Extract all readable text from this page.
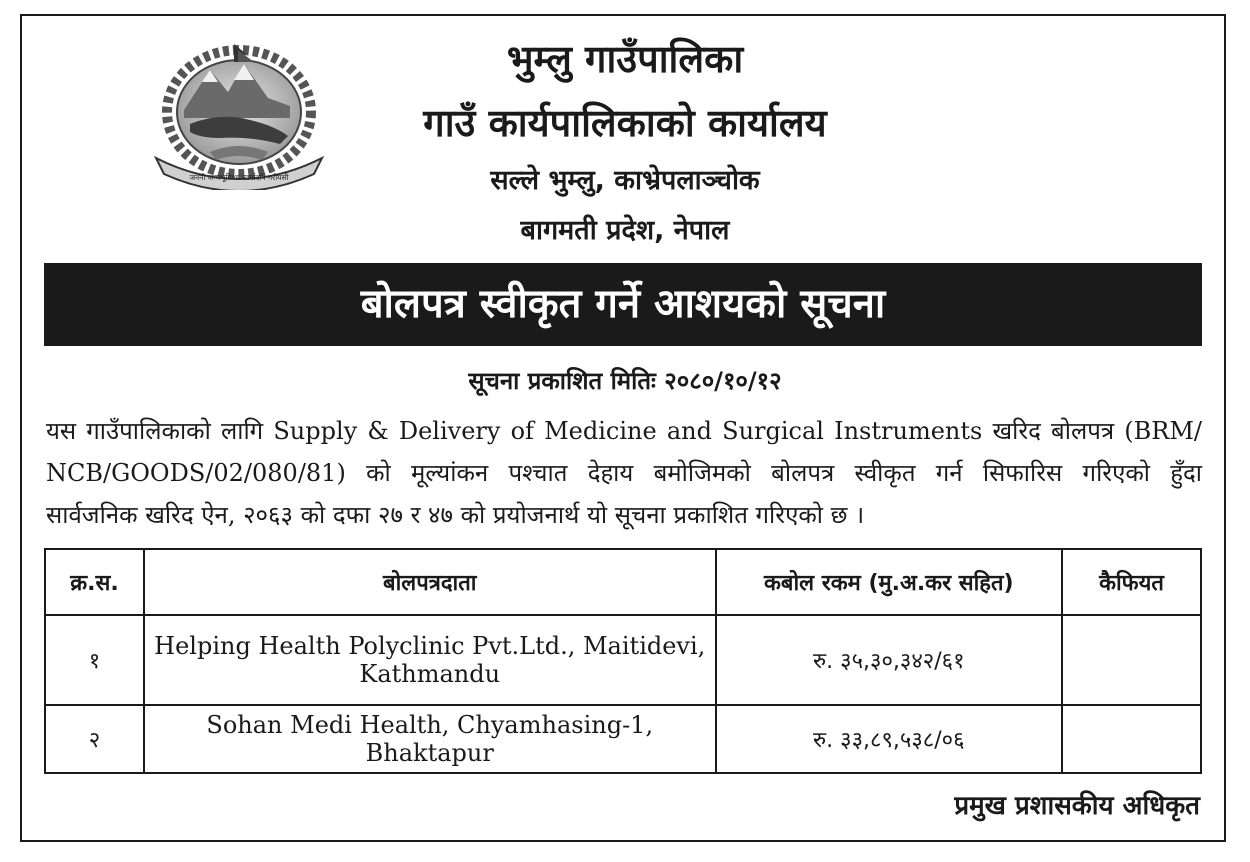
जननी जन्मभूमिश्च स्वर्गादपि गरीयसी
भुम्लु गाउँपालिका
गाउँ कार्यपालिकाको कार्यालय
सल्ले भुम्लु, काभ्रेपलाञ्चोक
बागमती प्रदेश, नेपाल
बोलपत्र स्वीकृत गर्ने आशयको सूचना
सूचना प्रकाशित मितिः २०८०/१०/१२
यस गाउँपालिकाको लागि Supply & Delivery of Medicine and Surgical Instruments खरिद बोलपत्र (BRM/
NCB/GOODS/02/080/81) को मूल्यांकन पश्चात देहाय बमोजिमको बोलपत्र स्वीकृत गर्न सिफारिस गरिएको हुँदा
सार्वजनिक खरिद ऐन, २०६३ को दफा २७ र ४७ को प्रयोजनार्थ यो सूचना प्रकाशित गरिएको छ ।
क्र.स.	बोलपत्रदाता	कबोल रकम (मु.अ.कर सहित)	कैफियत
१	Helping Health Polyclinic Pvt.Ltd., Maitidevi, Kathmandu	रु. ३५,३०,३४२/६१	
२	Sohan Medi Health, Chyamhasing-1, Bhaktapur	रु. ३३,८९,५३८/०६	
प्रमुख प्रशासकीय अधिकृत
